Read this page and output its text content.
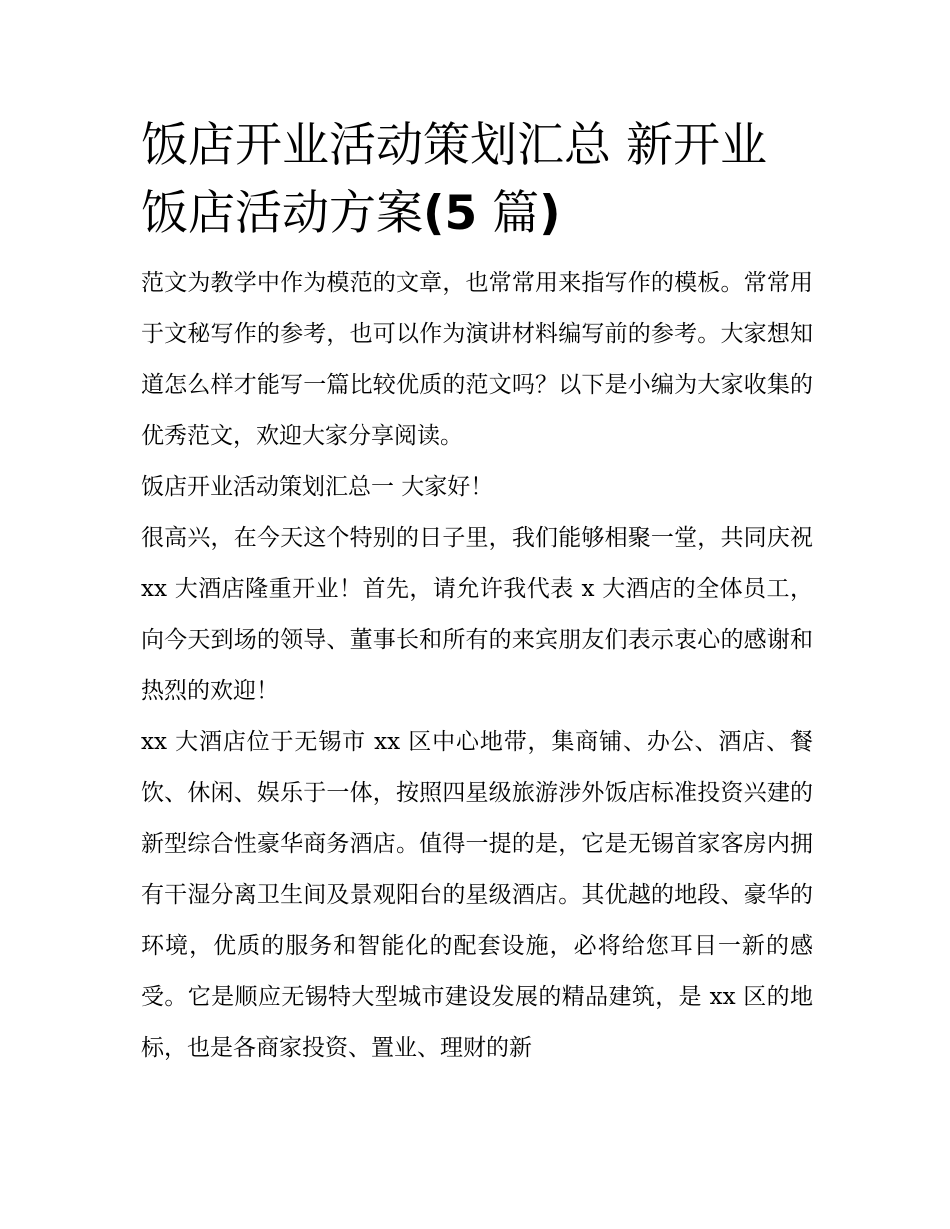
饭店开业活动策划汇总 新开业饭店活动方案(5 篇)

范文为教学中作为模范的文章，也常常用来指写作的模板。常常用于文秘写作的参考，也可以作为演讲材料编写前的参考。大家想知道怎么样才能写一篇比较优质的范文吗？以下是小编为大家收集的优秀范文，欢迎大家分享阅读。

饭店开业活动策划汇总一 大家好！

很高兴，在今天这个特别的日子里，我们能够相聚一堂，共同庆祝 xx 大酒店隆重开业！首先，请允许我代表 x 大酒店的全体员工，向今天到场的领导、董事长和所有的来宾朋友们表示衷心的感谢和热烈的欢迎！

xx 大酒店位于无锡市 xx 区中心地带，集商铺、办公、酒店、餐饮、休闲、娱乐于一体，按照四星级旅游涉外饭店标准投资兴建的新型综合性豪华商务酒店。值得一提的是，它是无锡首家客房内拥有干湿分离卫生间及景观阳台的星级酒店。其优越的地段、豪华的环境，优质的服务和智能化的配套设施，必将给您耳目一新的感受。它是顺应无锡特大型城市建设发展的精品建筑，是 xx 区的地标，也是各商家投资、置业、理财的新
